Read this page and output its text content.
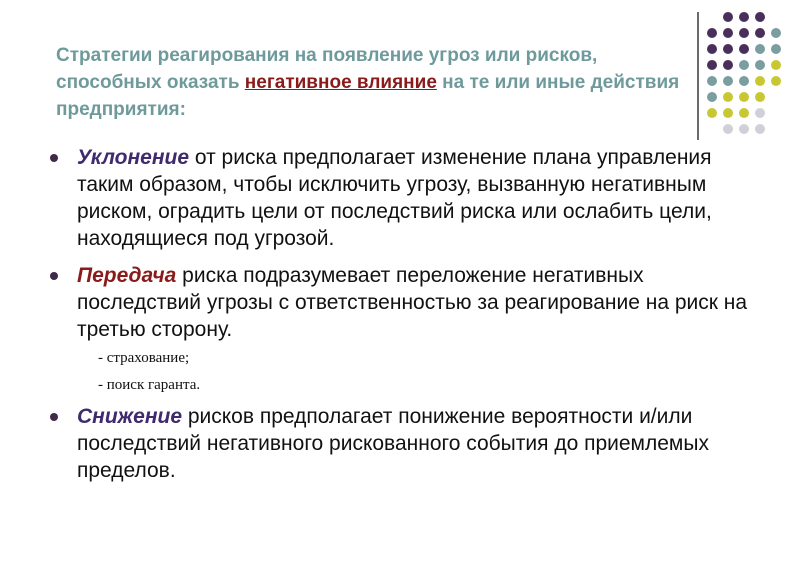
Стратегии реагирования на появление угроз или рисков, способных оказать негативное влияние на те или иные действия предприятия:
Уклонение от риска предполагает изменение плана управления таким образом, чтобы исключить угрозу, вызванную негативным риском, оградить цели от последствий риска или ослабить цели, находящиеся под угрозой.
Передача риска подразумевает переложение негативных последствий угрозы с ответственностью за реагирование на риск на третью сторону.
- страхование;
- поиск гаранта.
Снижение рисков предполагает понижение вероятности и/или последствий негативного рискованного события до приемлемых пределов.
